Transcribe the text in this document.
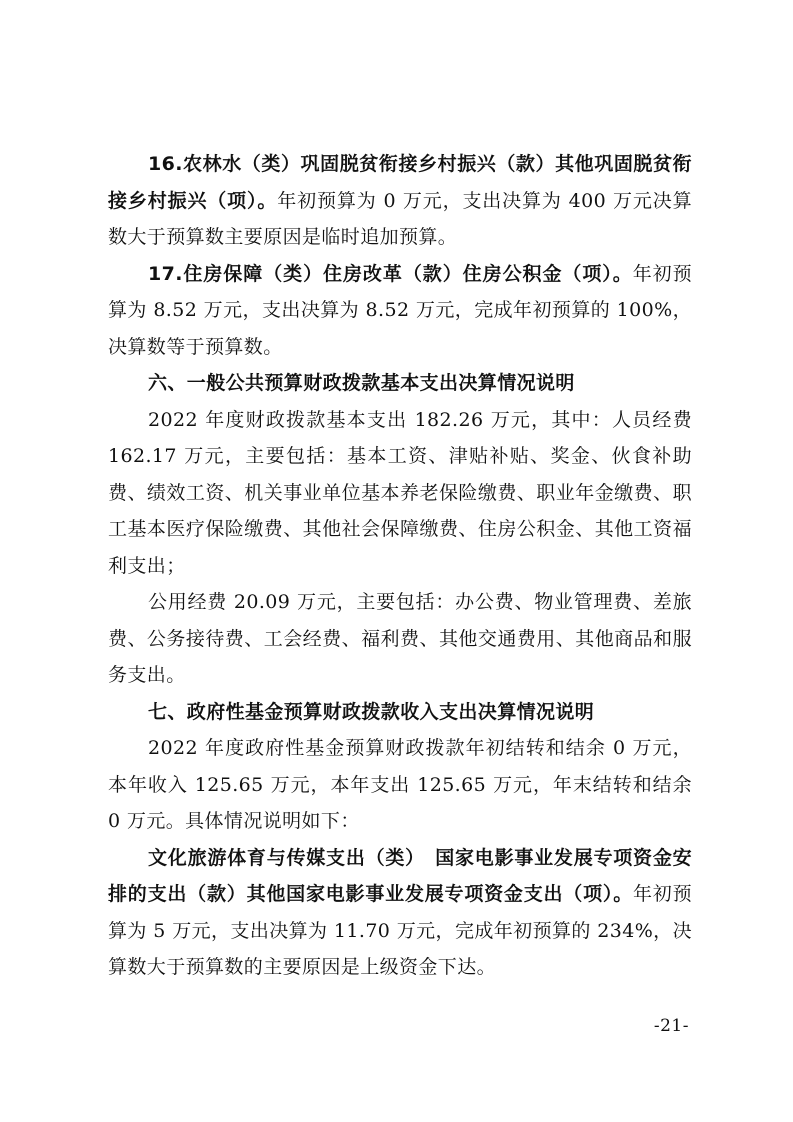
16.农林水（类）巩固脱贫衔接乡村振兴（款）其他巩固脱贫衔接乡村振兴（项）。年初预算为 0 万元，支出决算为 400 万元决算数大于预算数主要原因是临时追加预算。

17.住房保障（类）住房改革（款）住房公积金（项）。年初预算为 8.52 万元，支出决算为 8.52 万元，完成年初预算的 100%，决算数等于预算数。

六、一般公共预算财政拨款基本支出决算情况说明

2022 年度财政拨款基本支出 182.26 万元，其中：人员经费 162.17 万元，主要包括：基本工资、津贴补贴、奖金、伙食补助费、绩效工资、机关事业单位基本养老保险缴费、职业年金缴费、职工基本医疗保险缴费、其他社会保障缴费、住房公积金、其他工资福利支出；

公用经费 20.09 万元，主要包括：办公费、物业管理费、差旅费、公务接待费、工会经费、福利费、其他交通费用、其他商品和服务支出。

七、政府性基金预算财政拨款收入支出决算情况说明

2022 年度政府性基金预算财政拨款年初结转和结余 0 万元，本年收入 125.65 万元，本年支出 125.65 万元，年末结转和结余 0 万元。具体情况说明如下：

文化旅游体育与传媒支出（类）　国家电影事业发展专项资金安排的支出（款）其他国家电影事业发展专项资金支出（项）。年初预算为 5 万元，支出决算为 11.70 万元，完成年初预算的 234%，决算数大于预算数的主要原因是上级资金下达。

-21-
